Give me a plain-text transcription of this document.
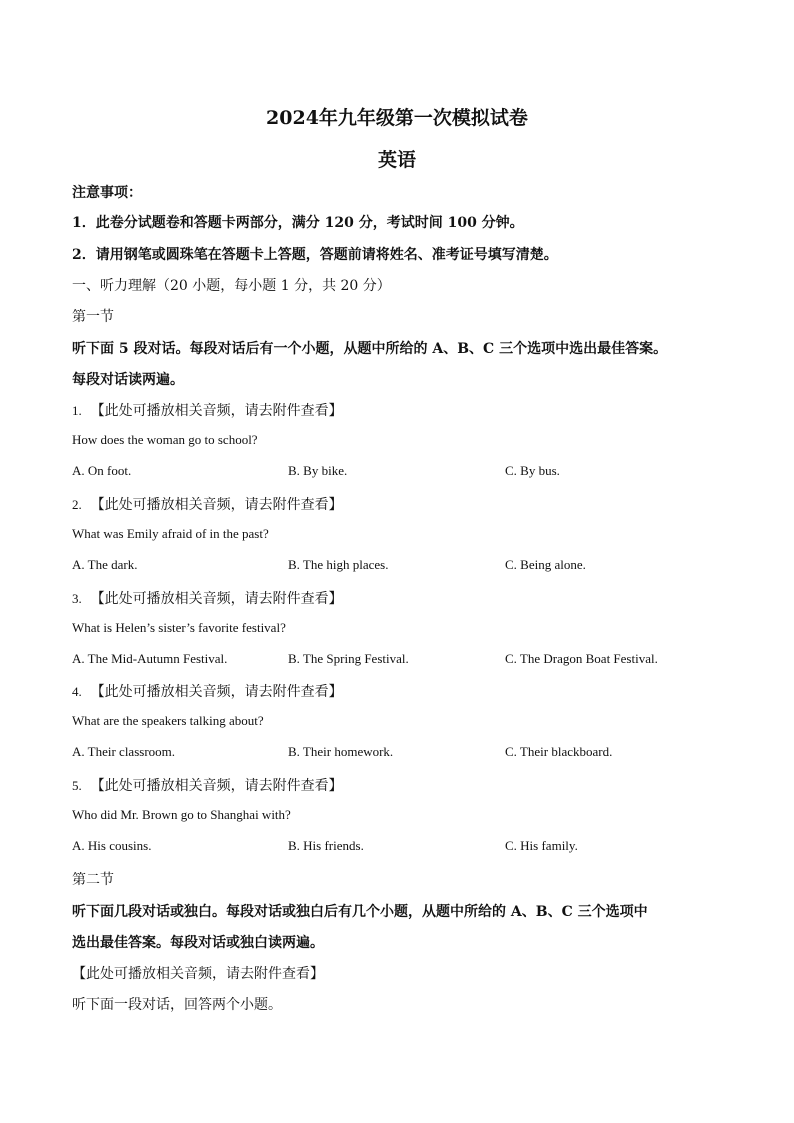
2024年九年级第一次模拟试卷
英语
注意事项：
1．此卷分试题卷和答题卡两部分，满分 120 分，考试时间 100 分钟。
2．请用钢笔或圆珠笔在答题卡上答题，答题前请将姓名、准考证号填写清楚。
一、听力理解（20 小题，每小题 1 分，共 20 分）
第一节
听下面 5 段对话。每段对话后有一个小题，从题中所给的 A、B、C 三个选项中选出最佳答案。
每段对话读两遍。
1. 【此处可播放相关音频，请去附件查看】
How does the woman go to school?
A. On foot.	B. By bike.	C. By bus.
2. 【此处可播放相关音频，请去附件查看】
What was Emily afraid of in the past?
A. The dark.	B. The high places.	C. Being alone.
3. 【此处可播放相关音频，请去附件查看】
What is Helen’s sister’s favorite festival?
A. The Mid-Autumn Festival.	B. The Spring Festival.	C. The Dragon Boat Festival.
4. 【此处可播放相关音频，请去附件查看】
What are the speakers talking about?
A. Their classroom.	B. Their homework.	C. Their blackboard.
5. 【此处可播放相关音频，请去附件查看】
Who did Mr. Brown go to Shanghai with?
A. His cousins.	B. His friends.	C. His family.
第二节
听下面几段对话或独白。每段对话或独白后有几个小题，从题中所给的 A、B、C 三个选项中
选出最佳答案。每段对话或独白读两遍。
【此处可播放相关音频，请去附件查看】
听下面一段对话，回答两个小题。
